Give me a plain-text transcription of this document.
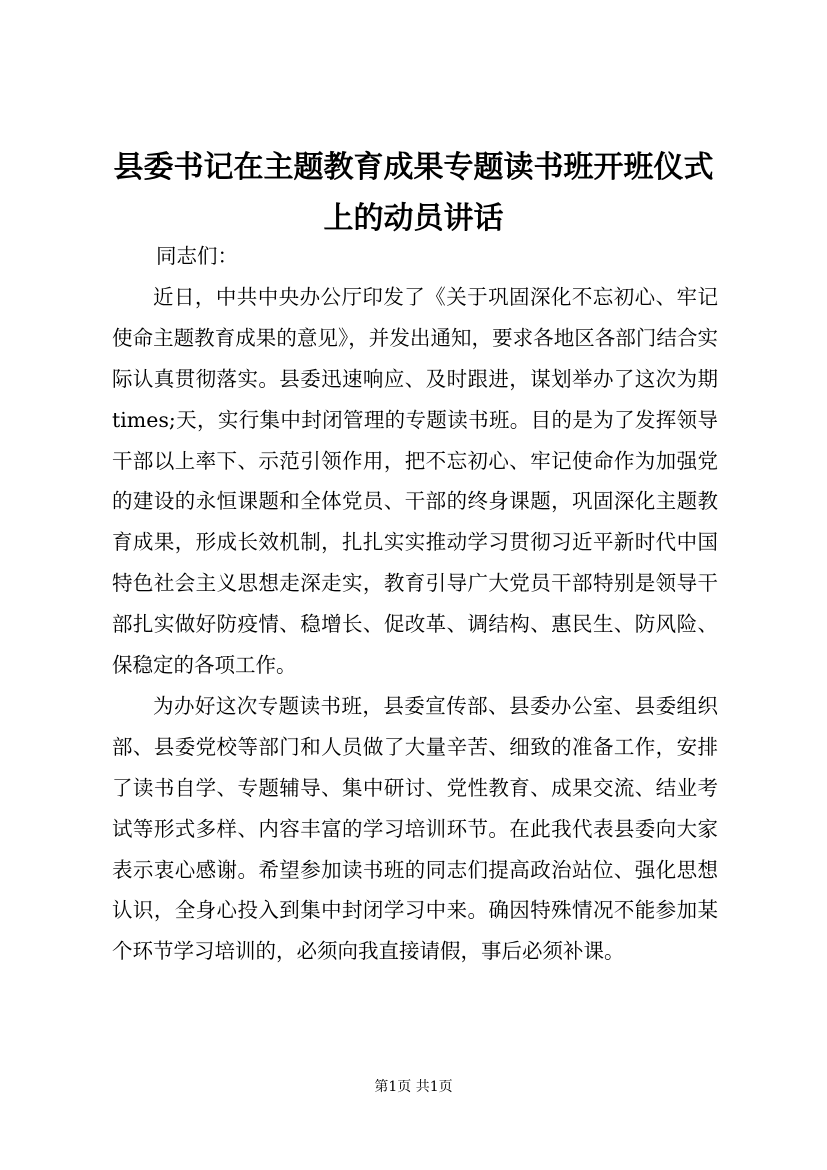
县委书记在主题教育成果专题读书班开班仪式
上的动员讲话

同志们：

近日，中共中央办公厅印发了《关于巩固深化不忘初心、牢记使命主题教育成果的意见》，并发出通知，要求各地区各部门结合实际认真贯彻落实。县委迅速响应、及时跟进，谋划举办了这次为期times;天，实行集中封闭管理的专题读书班。目的是为了发挥领导干部以上率下、示范引领作用，把不忘初心、牢记使命作为加强党的建设的永恒课题和全体党员、干部的终身课题，巩固深化主题教育成果，形成长效机制，扎扎实实推动学习贯彻习近平新时代中国特色社会主义思想走深走实，教育引导广大党员干部特别是领导干部扎实做好防疫情、稳增长、促改革、调结构、惠民生、防风险、保稳定的各项工作。

为办好这次专题读书班，县委宣传部、县委办公室、县委组织部、县委党校等部门和人员做了大量辛苦、细致的准备工作，安排了读书自学、专题辅导、集中研讨、党性教育、成果交流、结业考试等形式多样、内容丰富的学习培训环节。在此我代表县委向大家表示衷心感谢。希望参加读书班的同志们提高政治站位、强化思想认识，全身心投入到集中封闭学习中来。确因特殊情况不能参加某个环节学习培训的，必须向我直接请假，事后必须补课。

第1页 共1页
